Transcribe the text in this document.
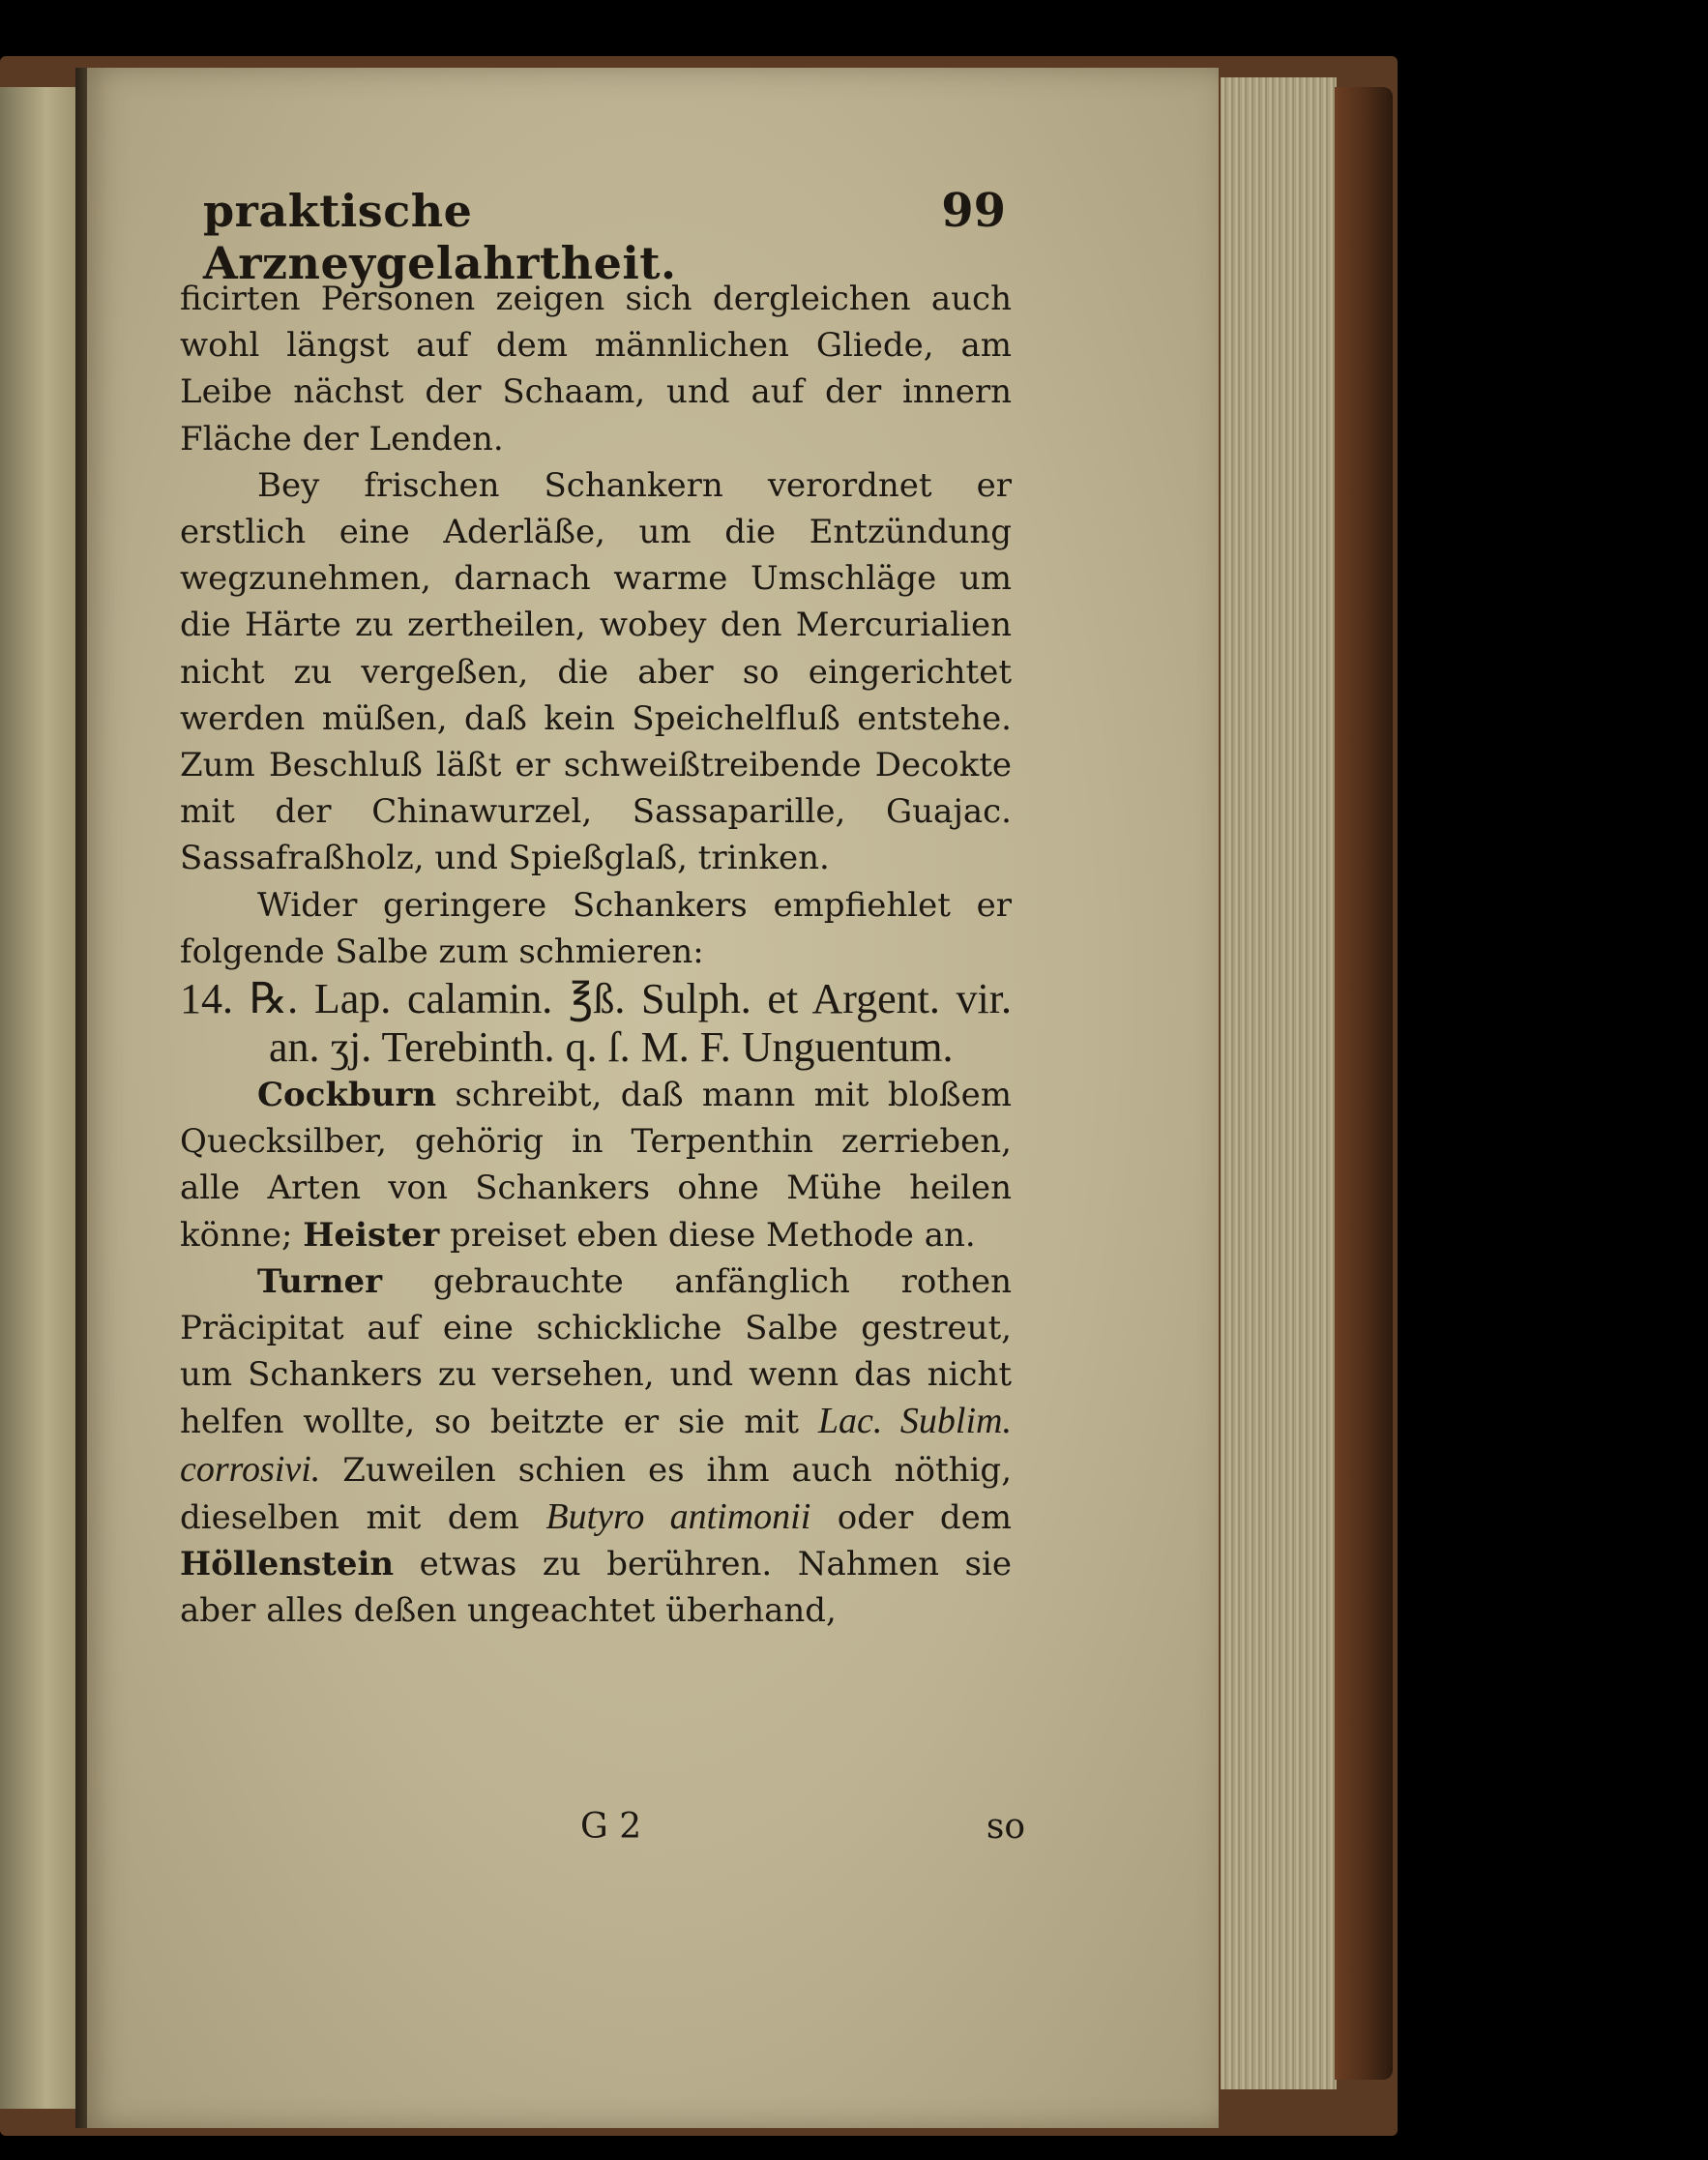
praktische Arzneygelahrtheit.
99

ficirten Personen zeigen sich dergleichen auch wohl längst auf dem männlichen Gliede, am Leibe nächst der Schaam, und auf der innern Fläche der Lenden.

Bey frischen Schankern verordnet er erstlich eine Aderläße, um die Entzündung wegzunehmen, darnach warme Umschläge um die Härte zu zertheilen, wobey den Mercurialien nicht zu vergeßen, die aber so eingerichtet werden müßen, daß kein Speichelfluß entstehe. Zum Beschluß läßt er schweißtreibende Decokte mit der Chinawurzel, Sassaparille, Guajac. Sassafraßholz, und Spießglaß, trinken.

Wider geringere Schankers empfiehlet er folgende Salbe zum schmieren:

14. ℞. Lap. calamin. ℥ß. Sulph. et Argent. vir. an. ʒj. Terebinth. q. ſ. M. F. Unguentum.

Cockburn schreibt, daß mann mit bloßem Quecksilber, gehörig in Terpenthin zerrieben, alle Arten von Schankers ohne Mühe heilen könne; Heister preiset eben diese Methode an.

Turner gebrauchte anfänglich rothen Präcipitat auf eine schickliche Salbe gestreut, um Schankers zu versehen, und wenn das nicht helfen wollte, so beitzte er sie mit Lac. Sublim. corrosivi. Zuweilen schien es ihm auch nöthig, dieselben mit dem Butyro antimonii oder dem Höllenstein etwas zu berühren. Nahmen sie aber alles deßen ungeachtet überhand,

G 2	so
